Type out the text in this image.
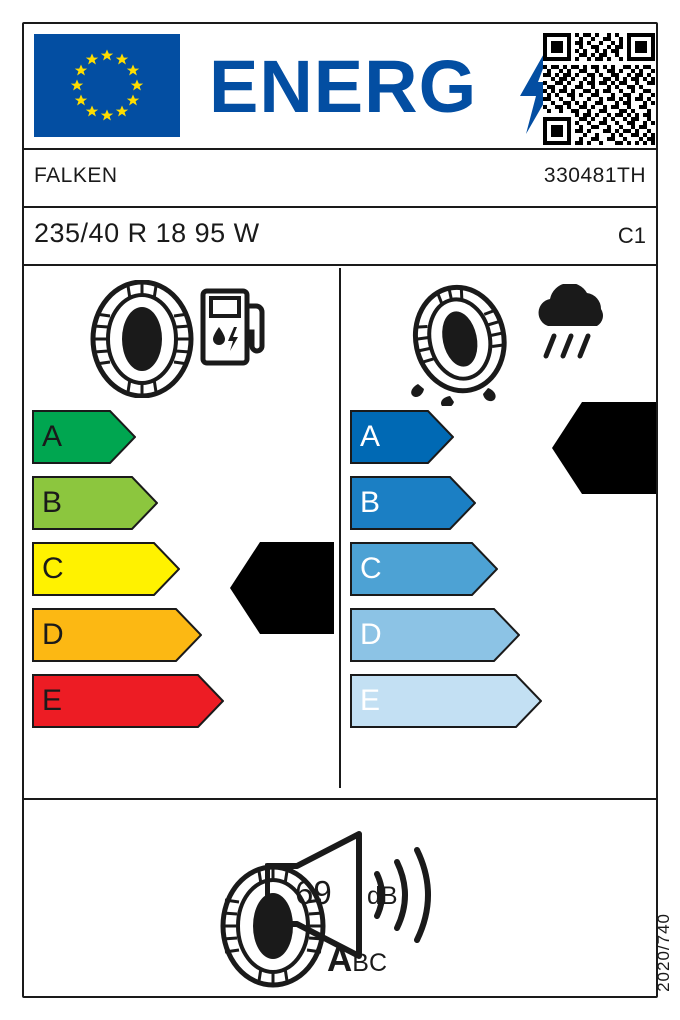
ENERG
FALKEN	330481TH
235/40 R 18 95 W	C1
A
B
C
D
E	C
A
B
C
D
E
A
69 dB
ABC	2020/740
